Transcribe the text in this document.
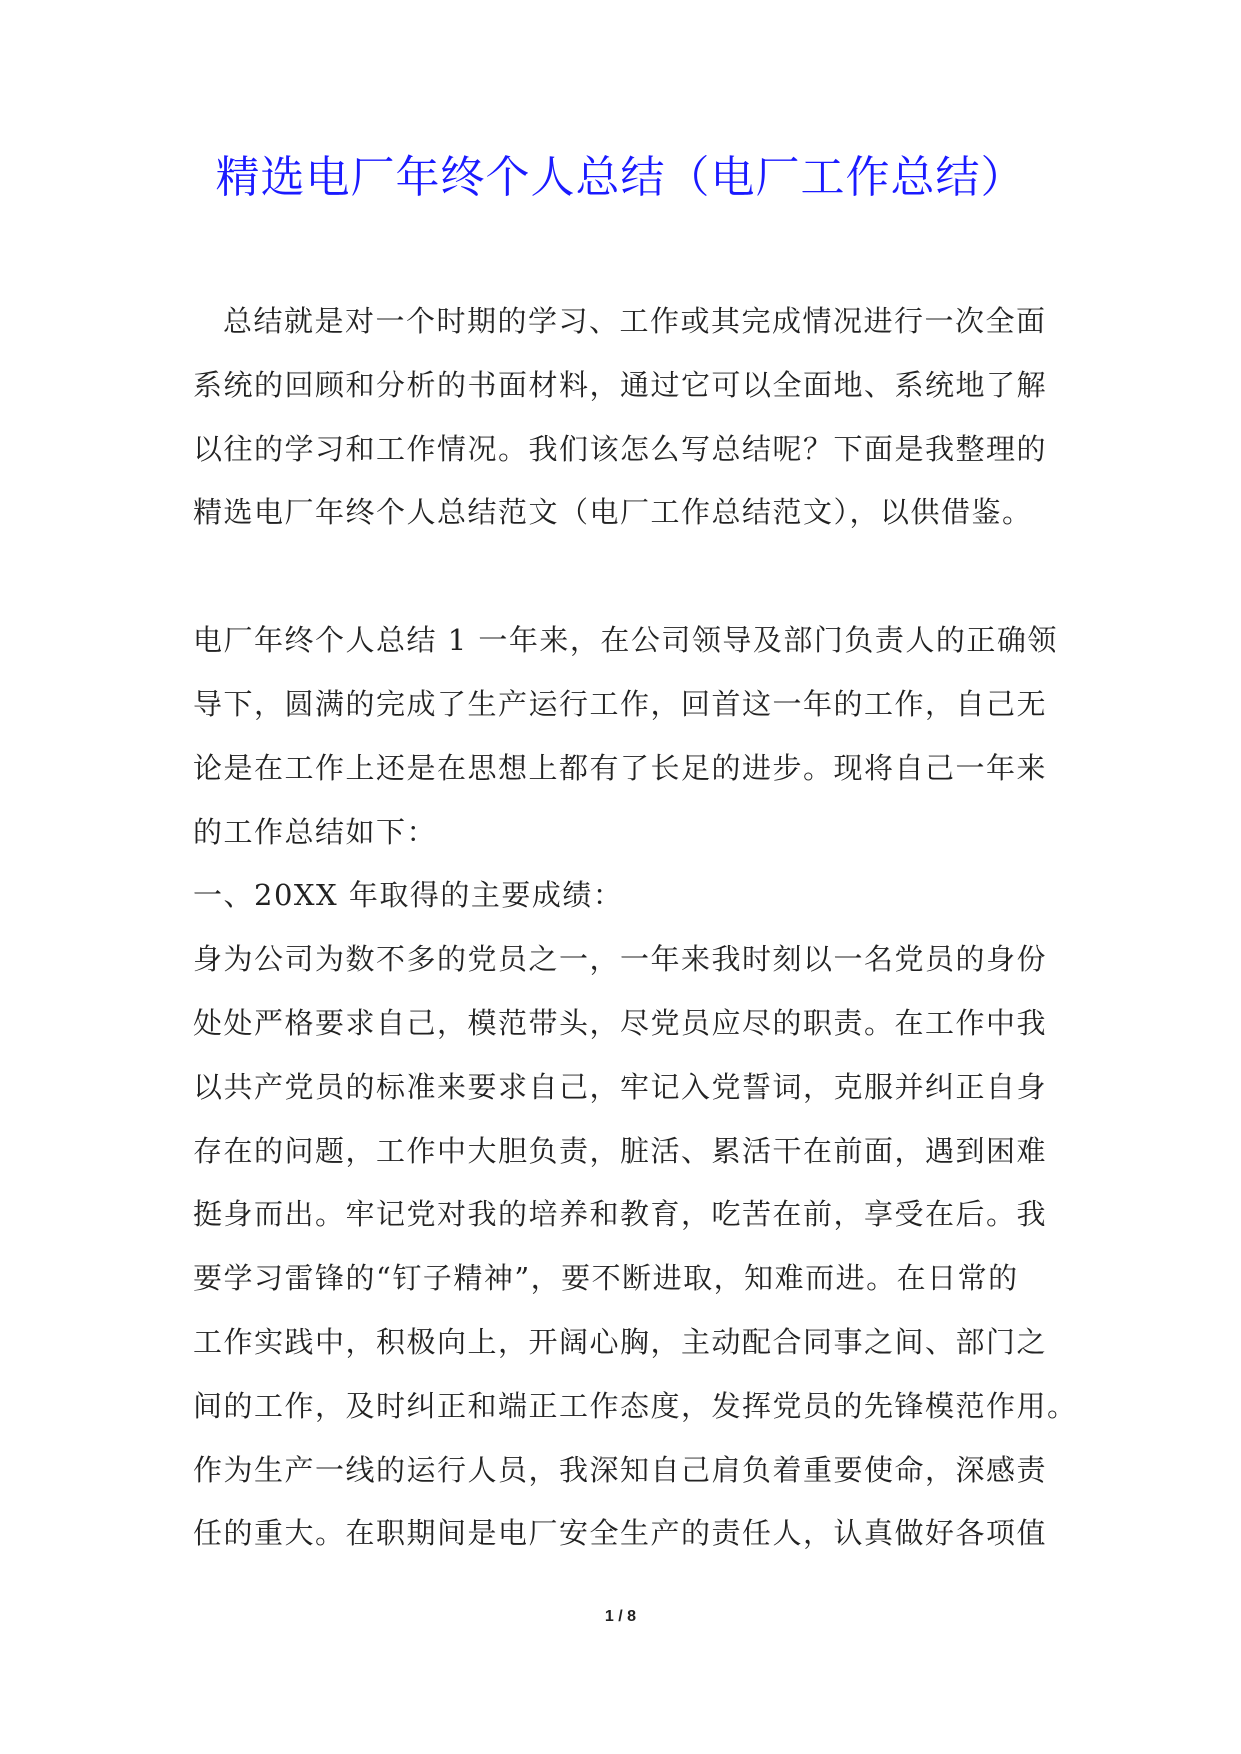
精选电厂年终个人总结（电厂工作总结）
总结就是对一个时期的学习、工作或其完成情况进行一次全面
系统的回顾和分析的书面材料，通过它可以全面地、系统地了解
以往的学习和工作情况。我们该怎么写总结呢？下面是我整理的
精选电厂年终个人总结范文（电厂工作总结范文），以供借鉴。
电厂年终个人总结 1 一年来，在公司领导及部门负责人的正确领
导下，圆满的完成了生产运行工作，回首这一年的工作，自己无
论是在工作上还是在思想上都有了长足的进步。现将自己一年来
的工作总结如下：
一、20XX 年取得的主要成绩：
身为公司为数不多的党员之一，一年来我时刻以一名党员的身份
处处严格要求自己，模范带头，尽党员应尽的职责。在工作中我
以共产党员的标准来要求自己，牢记入党誓词，克服并纠正自身
存在的问题，工作中大胆负责，脏活、累活干在前面，遇到困难
挺身而出。牢记党对我的培养和教育，吃苦在前，享受在后。我
要学习雷锋的“钉子精神”，要不断进取，知难而进。在日常的
工作实践中，积极向上，开阔心胸，主动配合同事之间、部门之
间的工作，及时纠正和端正工作态度，发挥党员的先锋模范作用。
作为生产一线的运行人员，我深知自己肩负着重要使命，深感责
任的重大。在职期间是电厂安全生产的责任人，认真做好各项值
1 / 8
